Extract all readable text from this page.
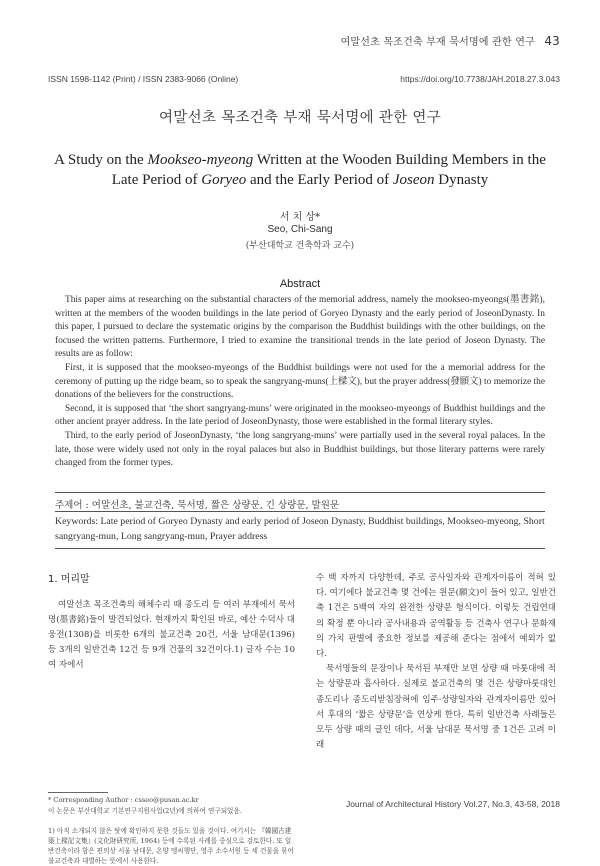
여말선초 목조건축 부재 묵서명에 관한 연구 43
ISSN 1598-1142 (Print) / ISSN 2383-9066 (Online)	https://doi.org/10.7738/JAH.2018.27.3.043
여말선초 목조건축 부재 묵서명에 관한 연구
A Study on the Mookseo-myeong Written at the Wooden Building Members in the Late Period of Goryeo and the Early Period of Joseon Dynasty
서 치 상*
Seo, Chi-Sang
(부산대학교 건축학과 교수)
Abstract

This paper aims at researching on the substantial characters of the memorial address, namely the mookseo-myeongs(墨書銘), written at the members of the wooden buildings in the late period of Goryeo Dynasty and the early period of JoseonDynasty. In this paper, I pursued to declare the systematic origins by the comparison the Buddhist buildings with the other buildings, on the focused the written patterns. Furthermore, I tried to examine the transitional trends in the late period of Joseon Dynasty. The results are as follow:

First, it is supposed that the mookseo-myeongs of the Buddhist buildings were not used for the a memorial address for the ceremony of putting up the ridge beam, so to speak the sangryang-muns(上樑文), but the prayer address(發願文) to memorize the donations of the believers for the constructions.

Second, it is supposed that ‘the short sangryang-muns’ were originated in the mookseo-myeongs of Buddhist buildings and the other ancient prayer address. In the late period of JoseonDynasty, those were established in the formal literary styles.

Third, to the early period of JoseonDynasty, ‘the long sangryang-muns’ were partially used in the several royal palaces. In the late, those were widely used not only in the royal palaces but also in Buddhist buildings, but those literary patterns were rarely changed from the former types.

주제어 : 여말선초, 불교건축, 묵서명, 짧은 상량문, 긴 상량문, 발원문
Keywords: Late period of Goryeo Dynasty and early period of Joseon Dynasty, Buddhist buildings, Mookseo-myeong, Short sangryang-mun, Long sangryang-mun, Prayer address
1. 머리말

여말선초 목조건축의 해체수리 때 종도리 등 여러 부재에서 묵서명(墨書銘)들이 발견되었다. 현재까지 확인된 바로, 예산 수덕사 대웅전(1308)을 비롯한 6개의 불교건축 20건, 서울 남대문(1396) 등 3개의 일반건축 12건 등 9개 건물의 32건이다.1) 글자 수는 10여 자에서

수 백 자까지 다양한데, 주로 공사일자와 관계자이름이 적혀 있다. 여기에다 불교건축 몇 건에는 원문(願文)이 들어 있고, 일반건축 1건은 5백여 자의 완전한 상량문 형식이다. 이렇듯 건립연대의 확정 뿐 아니라 공사내용과 공역활동 등 건축사 연구나 문화재의 가치 판별에 중요한 정보를 제공해 준다는 점에서 예외가 없다.

묵서명들의 문장이나 묵서된 부재만 보면 상량 때 마룻대에 적는 상량문과 흡사하다. 실제로 불교건축의 몇 건은 상량마룻대인 종도리나 종도리받침장혀에 임주·상량일자와 관계자이름만 있어서 후대의 ‘짧은 상량문’을 연상케 한다. 특히 일반건축 사례들은 모두 상량 때의 글인 데다, 서울 남대문 묵서명 중 1건은 고려 이래

* Corresponding Author : csseo@pusan.ac.kr
이 논문은 부산대학교 기본연구지원사업(2년)에 의하여 연구되었음.
1) 아직 소개되지 않은 탓에 확인하지 못한 것들도 있을 것이다. 여기서는 『韓國古建築上樑記文集』(文化財硏究所, 1964) 등에 수록된 사례를 중심으로 검토한다. 또 일반건축이라 함은 편의상 서울 남대문, 온양 맹씨행단, 영주 소수서원 등 세 건물을 묶어 불교건축과 대별하는 뜻에서 사용한다.
Journal of Architectural History Vol.27, No.3, 43-58, 2018
